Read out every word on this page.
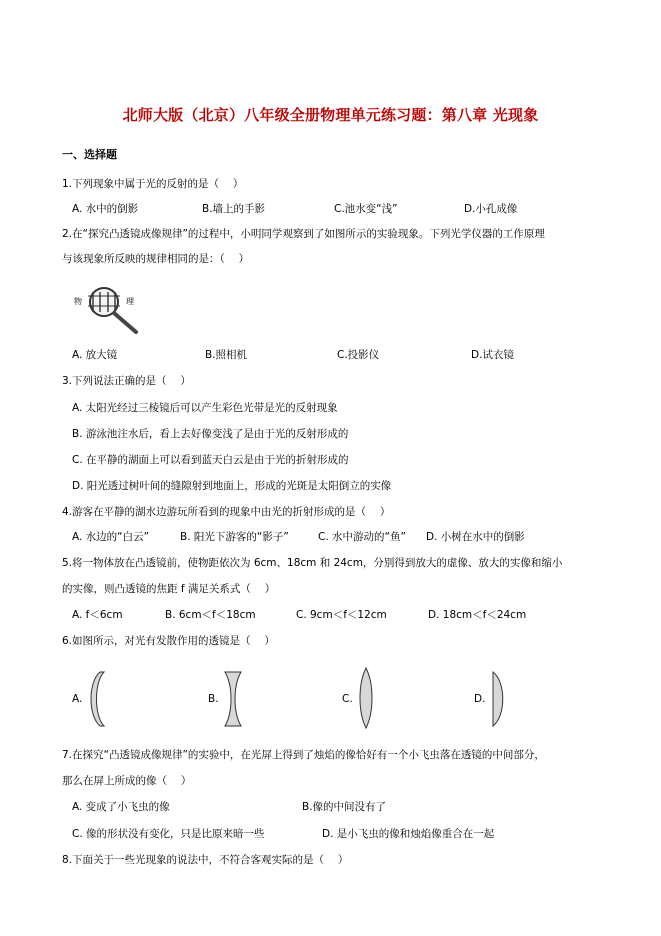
北师大版（北京）八年级全册物理单元练习题：第八章 光现象
一、选择题
1.下列现象中属于光的反射的是（　 ）
A. 水中的倒影	B.墙上的手影	C.池水变“浅”	D.小孔成像
2.在“探究凸透镜成像规律”的过程中，小明同学观察到了如图所示的实验现象。下列光学仪器的工作原理
与该现象所反映的规律相同的是：（　 ）
物	理
A. 放大镜	B.照相机	C.投影仪	D.试衣镜
3.下列说法正确的是（　 ）
A. 太阳光经过三棱镜后可以产生彩色光带是光的反射现象
B. 游泳池注水后，看上去好像变浅了是由于光的反射形成的
C. 在平静的湖面上可以看到蓝天白云是由于光的折射形成的
D. 阳光透过树叶间的缝隙射到地面上，形成的光斑是太阳倒立的实像
4.游客在平静的湖水边游玩所看到的现象中由光的折射形成的是（　 ）
A. 水边的“白云”	B. 阳光下游客的“影子”	C. 水中游动的“鱼” D. 小树在水中的倒影
5.将一物体放在凸透镜前，使物距依次为 6cm、18cm 和 24cm，分别得到放大的虚像、放大的实像和缩小
的实像，则凸透镜的焦距 f 满足关系式（　 ）
A. f＜6cm	B. 6cm＜f＜18cm	C. 9cm＜f＜12cm	D. 18cm＜f＜24cm
6.如图所示，对光有发散作用的透镜是（　 ）
A.	B.	C.	D.
7.在探究“凸透镜成像规律”的实验中，在光屏上得到了烛焰的像恰好有一个小飞虫落在透镜的中间部分，
那么在屏上所成的像（　 ）
A. 变成了小飞虫的像	B.像的中间没有了
C. 像的形状没有变化，只是比原来暗一些	D. 是小飞虫的像和烛焰像重合在一起
8.下面关于一些光现象的说法中，不符合客观实际的是（　 ）
